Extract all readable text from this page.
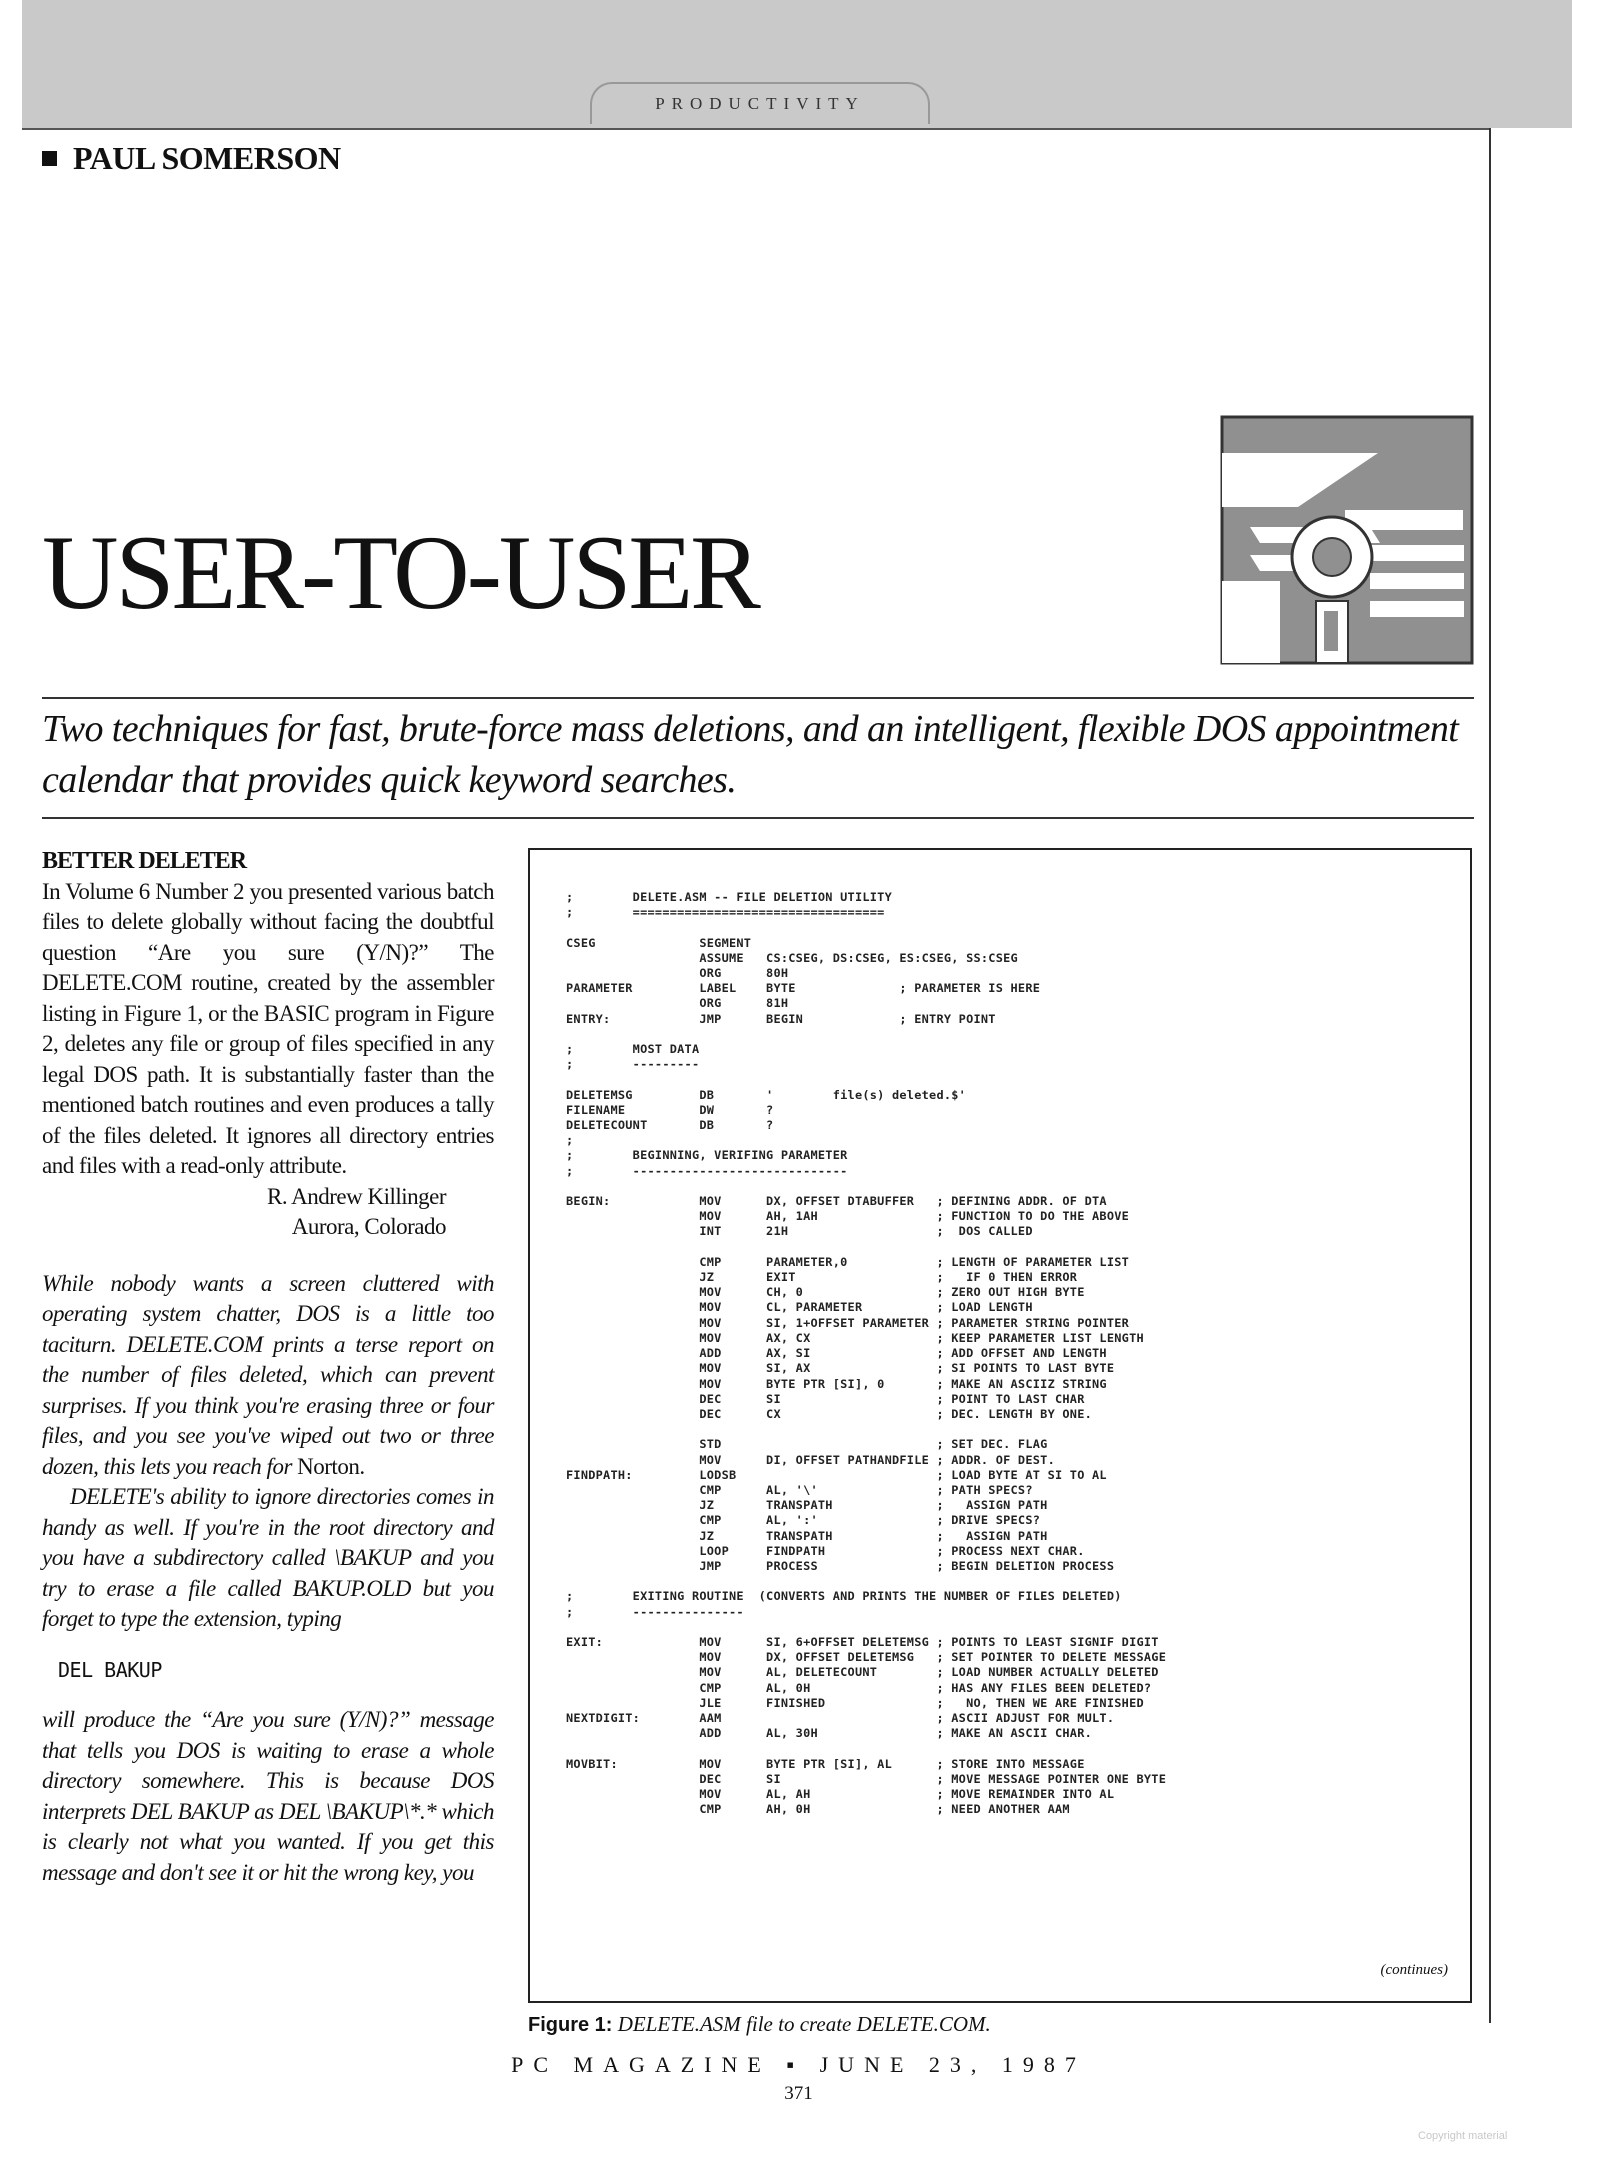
PRODUCTIVITY
PAUL SOMERSON
USER-TO-USER
Two techniques for fast, brute-force mass deletions, and an intelligent, flexible DOS appointment calendar that provides quick keyword searches.
BETTER DELETER

In Volume 6 Number 2 you presented various batch files to delete globally without facing the doubtful question “Are you sure (Y/N)?” The DELETE.COM routine, created by the assembler listing in Figure 1, or the BASIC program in Figure 2, deletes any file or group of files specified in any legal DOS path. It is substantially faster than the mentioned batch routines and even produces a tally of the files deleted. It ignores all directory entries and files with a read-only attribute.

R. Andrew Killinger
Aurora, Colorado

While nobody wants a screen cluttered with operating system chatter, DOS is a little too taciturn. DELETE.COM prints a terse report on the number of files deleted, which can prevent surprises. If you think you're erasing three or four files, and you see you've wiped out two or three dozen, this lets you reach for Norton.

DELETE's ability to ignore directories comes in handy as well. If you're in the root directory and you have a subdirectory called \BAKUP and you try to erase a file called BAKUP.OLD but you forget to type the extension, typing

DEL BAKUP

will produce the “Are you sure (Y/N)?” message that tells you DOS is waiting to erase a whole directory somewhere. This is because DOS interprets DEL BAKUP as DEL \BAKUP\*.* which is clearly not what you wanted. If you get this message and don't see it or hit the wrong key, you

;        DELETE.ASM -- FILE DELETION UTILITY
;        ==================================

CSEG              SEGMENT
ASSUME   CS:CSEG, DS:CSEG, ES:CSEG, SS:CSEG
ORG      80H
PARAMETER         LABEL    BYTE              ; PARAMETER IS HERE
ORG      81H
ENTRY:            JMP      BEGIN             ; ENTRY POINT

;        MOST DATA
;        ---------

DELETEMSG         DB       '        file(s) deleted.$'
FILENAME          DW       ?
DELETECOUNT       DB       ?
;
;        BEGINNING, VERIFING PARAMETER
;        -----------------------------

BEGIN:            MOV      DX, OFFSET DTABUFFER   ; DEFINING ADDR. OF DTA
MOV      AH, 1AH                ; FUNCTION TO DO THE ABOVE
INT      21H                    ;  DOS CALLED

CMP      PARAMETER,0            ; LENGTH OF PARAMETER LIST
JZ       EXIT                   ;   IF 0 THEN ERROR
MOV      CH, 0                  ; ZERO OUT HIGH BYTE
MOV      CL, PARAMETER          ; LOAD LENGTH
MOV      SI, 1+OFFSET PARAMETER ; PARAMETER STRING POINTER
MOV      AX, CX                 ; KEEP PARAMETER LIST LENGTH
ADD      AX, SI                 ; ADD OFFSET AND LENGTH
MOV      SI, AX                 ; SI POINTS TO LAST BYTE
MOV      BYTE PTR [SI], 0       ; MAKE AN ASCIIZ STRING
DEC      SI                     ; POINT TO LAST CHAR
DEC      CX                     ; DEC. LENGTH BY ONE.

STD                             ; SET DEC. FLAG
MOV      DI, OFFSET PATHANDFILE ; ADDR. OF DEST.
FINDPATH:         LODSB                           ; LOAD BYTE AT SI TO AL
CMP      AL, '\'                ; PATH SPECS?
JZ       TRANSPATH              ;   ASSIGN PATH
CMP      AL, ':'                ; DRIVE SPECS?
JZ       TRANSPATH              ;   ASSIGN PATH
LOOP     FINDPATH               ; PROCESS NEXT CHAR.
JMP      PROCESS                ; BEGIN DELETION PROCESS

;        EXITING ROUTINE  (CONVERTS AND PRINTS THE NUMBER OF FILES DELETED)
;        ---------------

EXIT:             MOV      SI, 6+OFFSET DELETEMSG ; POINTS TO LEAST SIGNIF DIGIT
MOV      DX, OFFSET DELETEMSG   ; SET POINTER TO DELETE MESSAGE
MOV      AL, DELETECOUNT        ; LOAD NUMBER ACTUALLY DELETED
CMP      AL, 0H                 ; HAS ANY FILES BEEN DELETED?
JLE      FINISHED               ;   NO, THEN WE ARE FINISHED
NEXTDIGIT:        AAM                             ; ASCII ADJUST FOR MULT.
ADD      AL, 30H                ; MAKE AN ASCII CHAR.

MOVBIT:           MOV      BYTE PTR [SI], AL      ; STORE INTO MESSAGE
DEC      SI                     ; MOVE MESSAGE POINTER ONE BYTE
MOV      AL, AH                 ; MOVE REMAINDER INTO AL
CMP      AH, 0H                 ; NEED ANOTHER AAM
(continues)
Figure 1: DELETE.ASM file to create DELETE.COM.
PC MAGAZINE ▪ JUNE 23, 1987
371
Copyright material
